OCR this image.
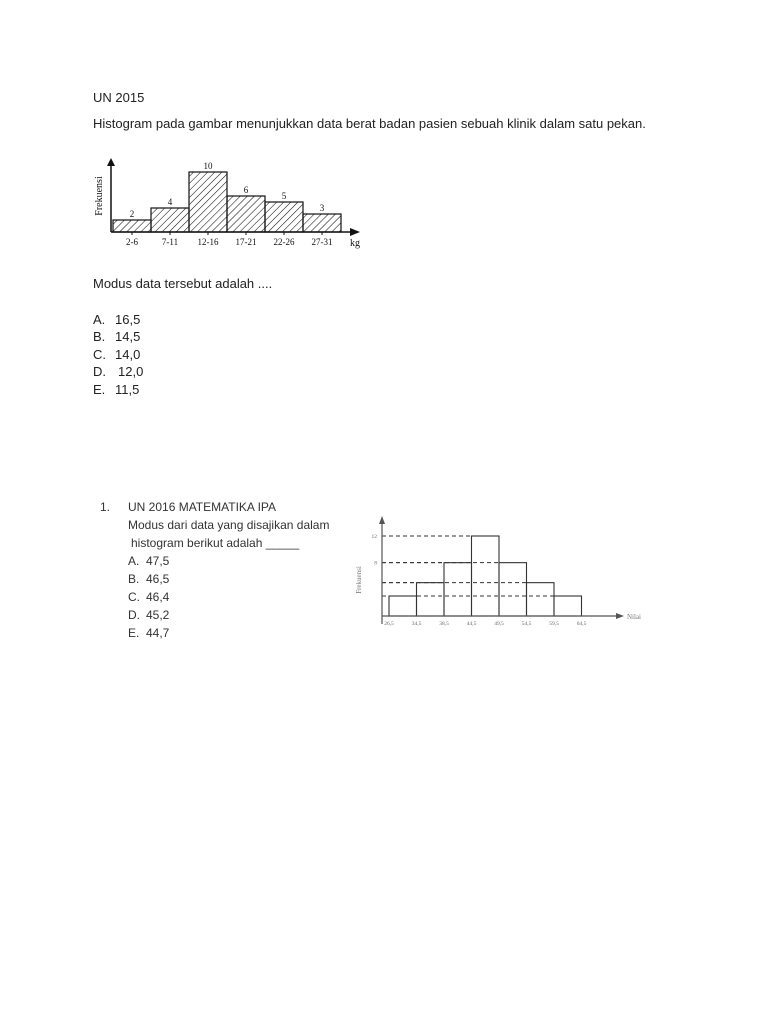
UN 2015
Histogram pada gambar menunjukkan data berat badan pasien sebuah klinik dalam satu pekan.
Frekuensi
kg
2
2-6
4
7-11
10
12-16
6
17-21
5
22-26
3
27-31
Modus data tersebut adalah ....
A. 16,5
B. 14,5
C. 14,0
D. 12,0
E. 11,5
1. UN 2016 MATEMATIKA IPA
Modus dari data yang disajikan dalam
histogram berikut adalah _____
A. 47,5
B. 46,5
C. 46,4
D. 45,2
E. 44,7
Frekuensi
Nilai
26,5	34,5	38,5	44,5	49,5	54,5	59,5	64,5
12
8
